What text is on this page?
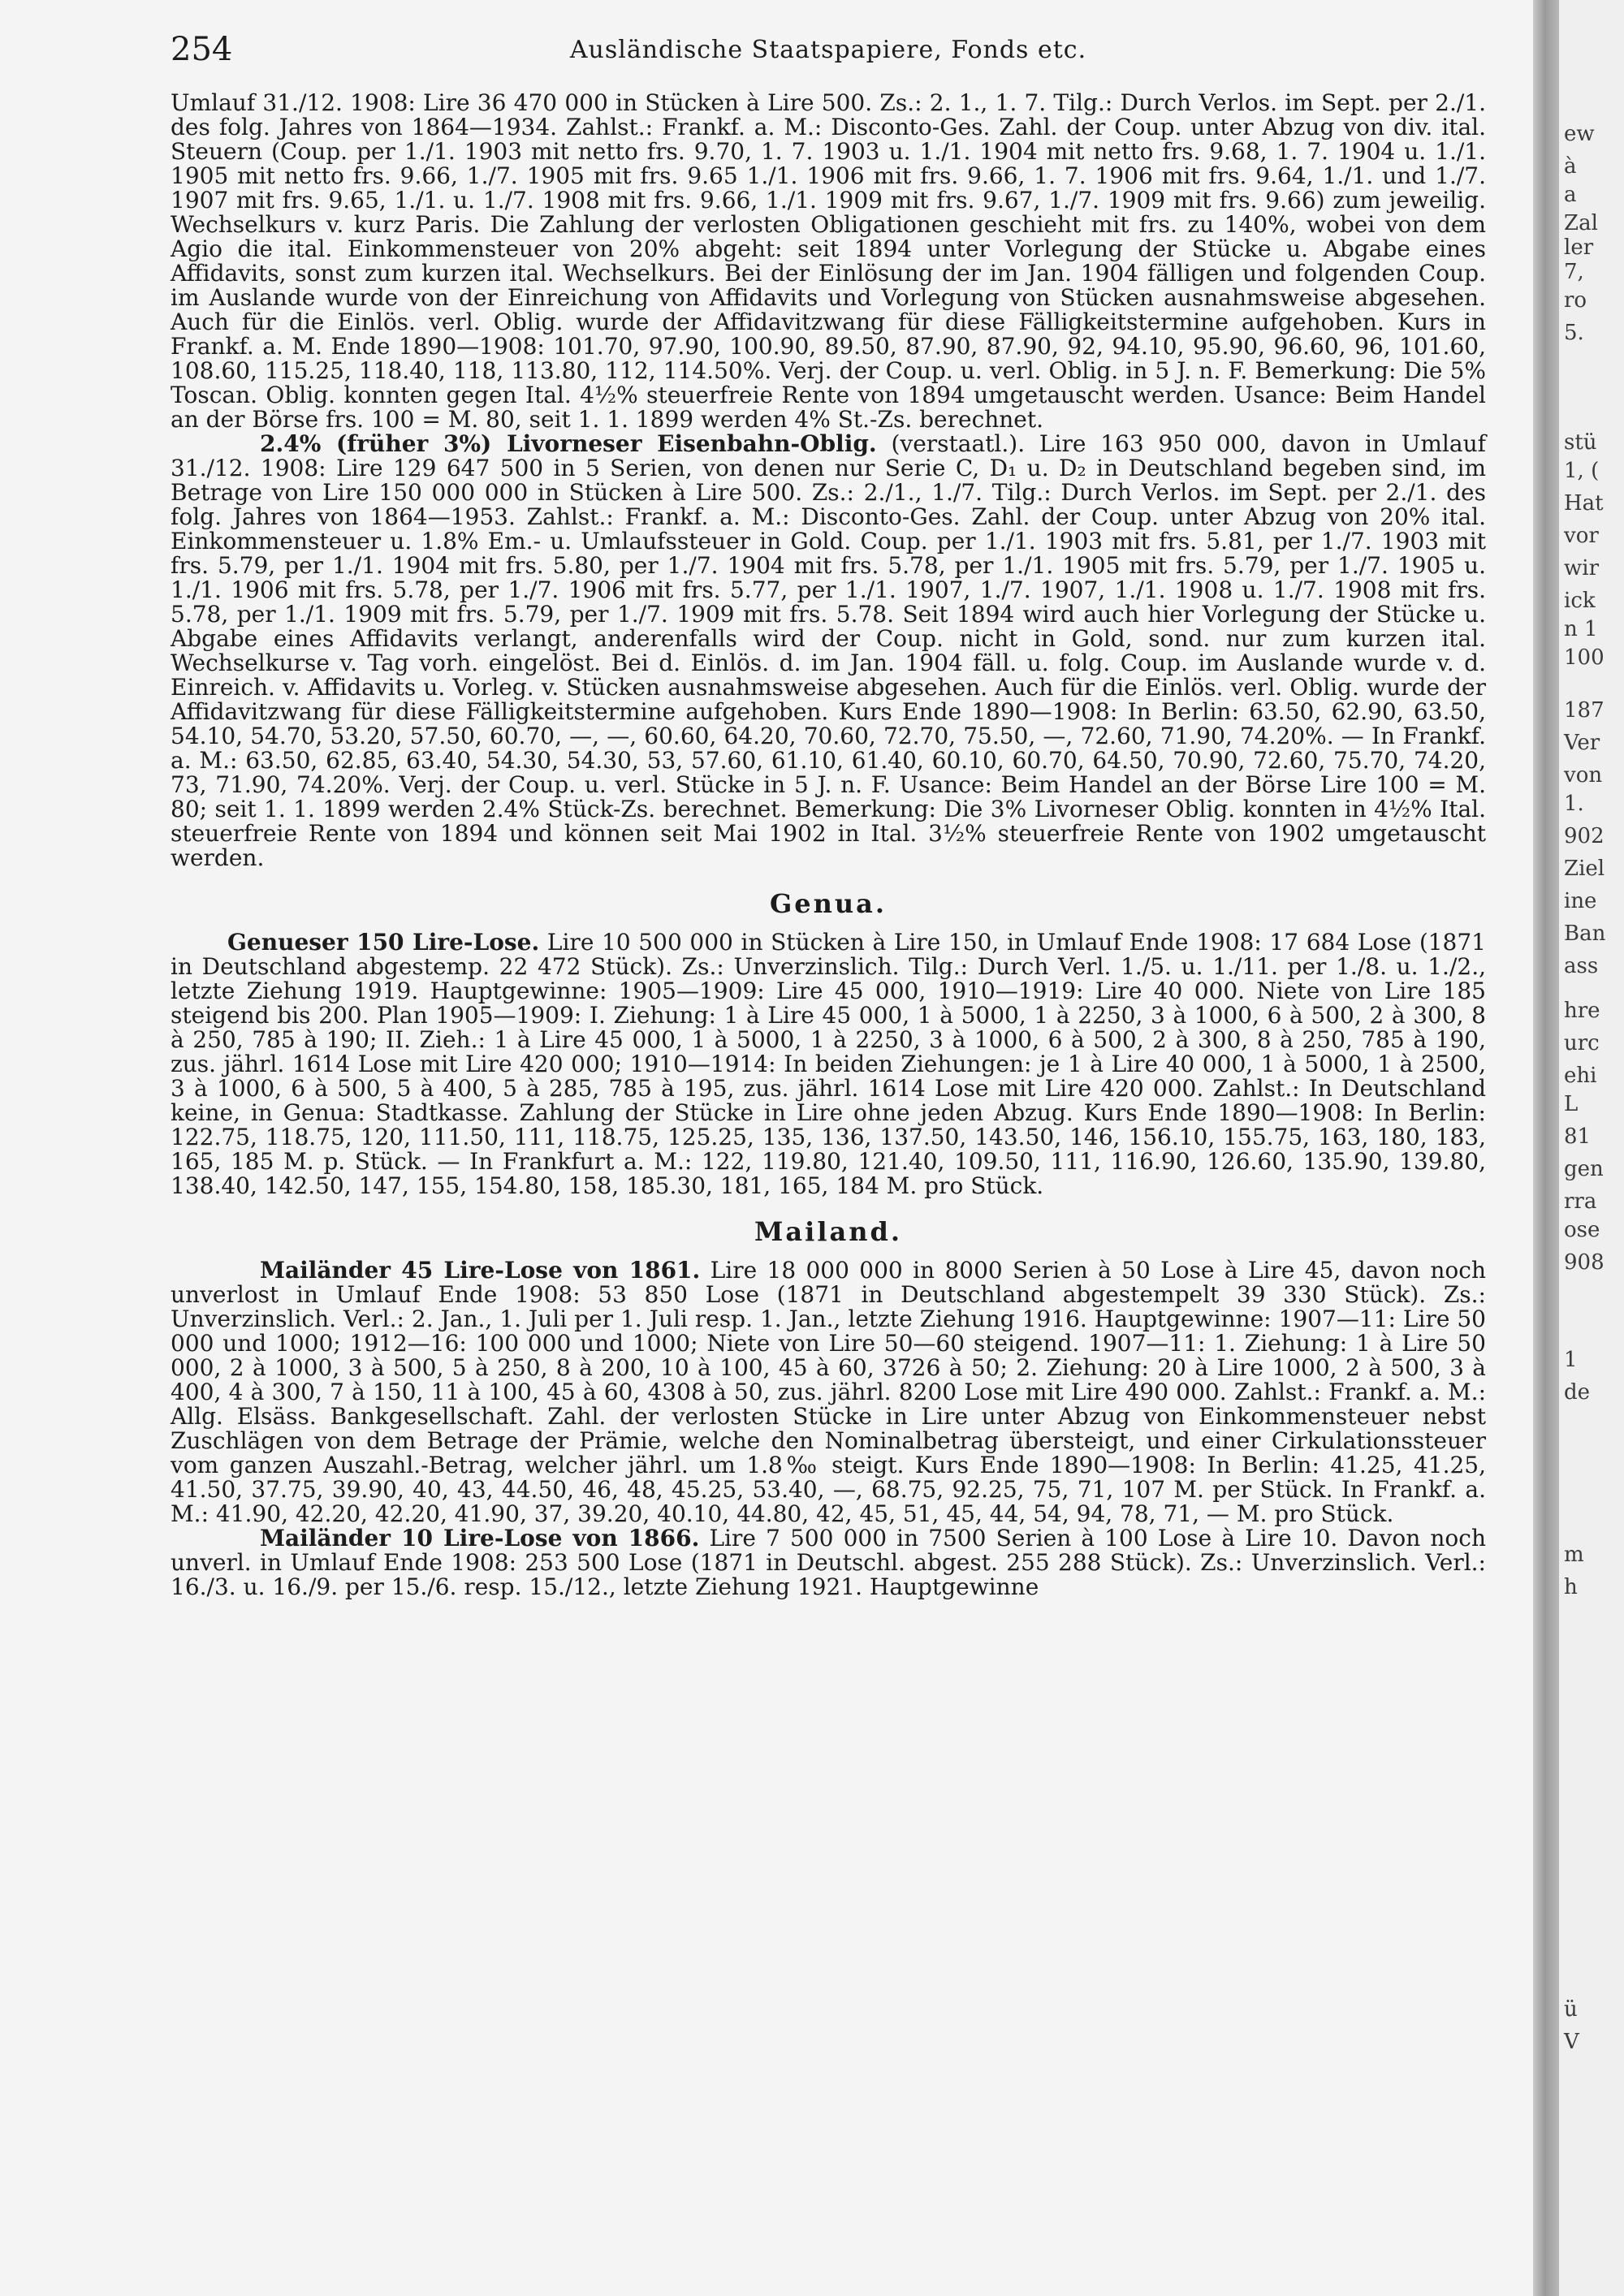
254	Ausländische Staatspapiere, Fonds etc.

Umlauf 31./12. 1908: Lire 36 470 000 in Stücken à Lire 500. Zs.: 2. 1., 1. 7. Tilg.: Durch Verlos. im Sept. per 2./1. des folg. Jahres von 1864—1934. Zahlst.: Frankf. a. M.: Disconto-Ges. Zahl. der Coup. unter Abzug von div. ital. Steuern (Coup. per 1./1. 1903 mit netto frs. 9.70, 1. 7. 1903 u. 1./1. 1904 mit netto frs. 9.68, 1. 7. 1904 u. 1./1. 1905 mit netto frs. 9.66, 1./7. 1905 mit frs. 9.65 1./1. 1906 mit frs. 9.66, 1. 7. 1906 mit frs. 9.64, 1./1. und 1./7. 1907 mit frs. 9.65, 1./1. u. 1./7. 1908 mit frs. 9.66, 1./1. 1909 mit frs. 9.67, 1./7. 1909 mit frs. 9.66) zum jeweilig. Wechselkurs v. kurz Paris. Die Zahlung der verlosten Obligationen geschieht mit frs. zu 140%, wobei von dem Agio die ital. Einkommensteuer von 20% abgeht: seit 1894 unter Vorlegung der Stücke u. Abgabe eines Affidavits, sonst zum kurzen ital. Wechselkurs. Bei der Einlösung der im Jan. 1904 fälligen und folgenden Coup. im Auslande wurde von der Einreichung von Affidavits und Vorlegung von Stücken ausnahmsweise abgesehen. Auch für die Einlös. verl. Oblig. wurde der Affidavitzwang für diese Fälligkeitstermine aufgehoben. Kurs in Frankf. a. M. Ende 1890—1908: 101.70, 97.90, 100.90, 89.50, 87.90, 87.90, 92, 94.10, 95.90, 96.60, 96, 101.60, 108.60, 115.25, 118.40, 118, 113.80, 112, 114.50%. Verj. der Coup. u. verl. Oblig. in 5 J. n. F. Bemerkung: Die 5% Toscan. Oblig. konnten gegen Ital. 4½% steuerfreie Rente von 1894 umgetauscht werden. Usance: Beim Handel an der Börse frs. 100 = M. 80, seit 1. 1. 1899 werden 4% St.-Zs. berechnet.

2.4% (früher 3%) Livorneser Eisenbahn-Oblig. (verstaatl.). Lire 163 950 000, davon in Umlauf 31./12. 1908: Lire 129 647 500 in 5 Serien, von denen nur Serie C, D₁ u. D₂ in Deutschland begeben sind, im Betrage von Lire 150 000 000 in Stücken à Lire 500. Zs.: 2./1., 1./7. Tilg.: Durch Verlos. im Sept. per 2./1. des folg. Jahres von 1864—1953. Zahlst.: Frankf. a. M.: Disconto-Ges. Zahl. der Coup. unter Abzug von 20% ital. Einkommensteuer u. 1.8% Em.- u. Umlaufssteuer in Gold. Coup. per 1./1. 1903 mit frs. 5.81, per 1./7. 1903 mit frs. 5.79, per 1./1. 1904 mit frs. 5.80, per 1./7. 1904 mit frs. 5.78, per 1./1. 1905 mit frs. 5.79, per 1./7. 1905 u. 1./1. 1906 mit frs. 5.78, per 1./7. 1906 mit frs. 5.77, per 1./1. 1907, 1./7. 1907, 1./1. 1908 u. 1./7. 1908 mit frs. 5.78, per 1./1. 1909 mit frs. 5.79, per 1./7. 1909 mit frs. 5.78. Seit 1894 wird auch hier Vorlegung der Stücke u. Abgabe eines Affidavits verlangt, anderenfalls wird der Coup. nicht in Gold, sond. nur zum kurzen ital. Wechselkurse v. Tag vorh. eingelöst. Bei d. Einlös. d. im Jan. 1904 fäll. u. folg. Coup. im Auslande wurde v. d. Einreich. v. Affidavits u. Vorleg. v. Stücken ausnahmsweise abgesehen. Auch für die Einlös. verl. Oblig. wurde der Affidavitzwang für diese Fälligkeitstermine aufgehoben. Kurs Ende 1890—1908: In Berlin: 63.50, 62.90, 63.50, 54.10, 54.70, 53.20, 57.50, 60.70, —, —, 60.60, 64.20, 70.60, 72.70, 75.50, —, 72.60, 71.90, 74.20%. — In Frankf. a. M.: 63.50, 62.85, 63.40, 54.30, 54.30, 53, 57.60, 61.10, 61.40, 60.10, 60.70, 64.50, 70.90, 72.60, 75.70, 74.20, 73, 71.90, 74.20%. Verj. der Coup. u. verl. Stücke in 5 J. n. F. Usance: Beim Handel an der Börse Lire 100 = M. 80; seit 1. 1. 1899 werden 2.4% Stück-Zs. berechnet. Bemerkung: Die 3% Livorneser Oblig. konnten in 4½% Ital. steuerfreie Rente von 1894 und können seit Mai 1902 in Ital. 3½% steuerfreie Rente von 1902 umgetauscht werden.

Genua.

Genueser 150 Lire-Lose. Lire 10 500 000 in Stücken à Lire 150, in Umlauf Ende 1908: 17 684 Lose (1871 in Deutschland abgestemp. 22 472 Stück). Zs.: Unverzinslich. Tilg.: Durch Verl. 1./5. u. 1./11. per 1./8. u. 1./2., letzte Ziehung 1919. Hauptgewinne: 1905—1909: Lire 45 000, 1910—1919: Lire 40 000. Niete von Lire 185 steigend bis 200. Plan 1905—1909: I. Ziehung: 1 à Lire 45 000, 1 à 5000, 1 à 2250, 3 à 1000, 6 à 500, 2 à 300, 8 à 250, 785 à 190; II. Zieh.: 1 à Lire 45 000, 1 à 5000, 1 à 2250, 3 à 1000, 6 à 500, 2 à 300, 8 à 250, 785 à 190, zus. jährl. 1614 Lose mit Lire 420 000; 1910—1914: In beiden Ziehungen: je 1 à Lire 40 000, 1 à 5000, 1 à 2500, 3 à 1000, 6 à 500, 5 à 400, 5 à 285, 785 à 195, zus. jährl. 1614 Lose mit Lire 420 000. Zahlst.: In Deutschland keine, in Genua: Stadtkasse. Zahlung der Stücke in Lire ohne jeden Abzug. Kurs Ende 1890—1908: In Berlin: 122.75, 118.75, 120, 111.50, 111, 118.75, 125.25, 135, 136, 137.50, 143.50, 146, 156.10, 155.75, 163, 180, 183, 165, 185 M. p. Stück. — In Frankfurt a. M.: 122, 119.80, 121.40, 109.50, 111, 116.90, 126.60, 135.90, 139.80, 138.40, 142.50, 147, 155, 154.80, 158, 185.30, 181, 165, 184 M. pro Stück.

Mailand.

Mailänder 45 Lire-Lose von 1861. Lire 18 000 000 in 8000 Serien à 50 Lose à Lire 45, davon noch unverlost in Umlauf Ende 1908: 53 850 Lose (1871 in Deutschland abgestempelt 39 330 Stück). Zs.: Unverzinslich. Verl.: 2. Jan., 1. Juli per 1. Juli resp. 1. Jan., letzte Ziehung 1916. Hauptgewinne: 1907—11: Lire 50 000 und 1000; 1912—16: 100 000 und 1000; Niete von Lire 50—60 steigend. 1907—11: 1. Ziehung: 1 à Lire 50 000, 2 à 1000, 3 à 500, 5 à 250, 8 à 200, 10 à 100, 45 à 60, 3726 à 50; 2. Ziehung: 20 à Lire 1000, 2 à 500, 3 à 400, 4 à 300, 7 à 150, 11 à 100, 45 à 60, 4308 à 50, zus. jährl. 8200 Lose mit Lire 490 000. Zahlst.: Frankf. a. M.: Allg. Elsäss. Bankgesellschaft. Zahl. der verlosten Stücke in Lire unter Abzug von Einkommensteuer nebst Zuschlägen von dem Betrage der Prämie, welche den Nominalbetrag übersteigt, und einer Cirkulationssteuer vom ganzen Auszahl.-Betrag, welcher jährl. um 1.8‰ steigt. Kurs Ende 1890—1908: In Berlin: 41.25, 41.25, 41.50, 37.75, 39.90, 40, 43, 44.50, 46, 48, 45.25, 53.40, —, 68.75, 92.25, 75, 71, 107 M. per Stück. In Frankf. a. M.: 41.90, 42.20, 42.20, 41.90, 37, 39.20, 40.10, 44.80, 42, 45, 51, 45, 44, 54, 94, 78, 71, — M. pro Stück.

Mailänder 10 Lire-Lose von 1866. Lire 7 500 000 in 7500 Serien à 100 Lose à Lire 10. Davon noch unverl. in Umlauf Ende 1908: 253 500 Lose (1871 in Deutschl. abgest. 255 288 Stück). Zs.: Unverzinslich. Verl.: 16./3. u. 16./9. per 15./6. resp. 15./12., letzte Ziehung 1921. Hauptgewinne

ew
à
a
Zal
ler
7,
ro
5.
stü
1, (
Hat
vor
wir
ick
n 1
100
187
Ver
von
1.
902
Ziel
ine
Ban
ass
hre
urc
ehi
L
81
gen
rra
ose
908
1
de
m
h
ü
V
